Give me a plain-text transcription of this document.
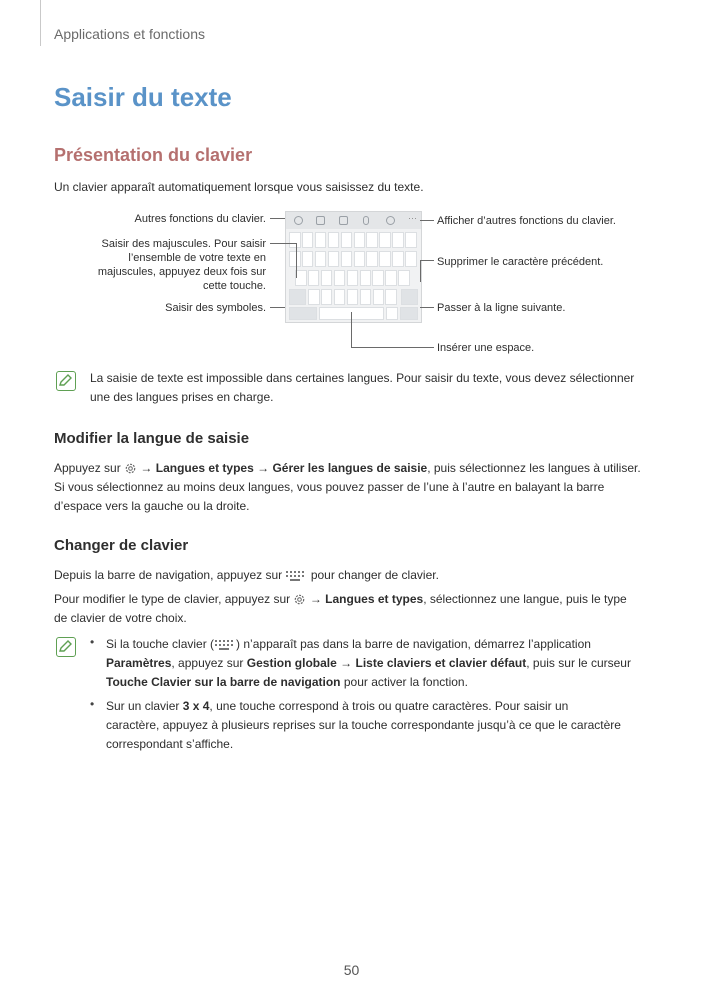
Applications et fonctions
Saisir du texte
Présentation du clavier
Un clavier apparaît automatiquement lorsque vous saisissez du texte.
···
Autres fonctions du clavier.
Saisir des majuscules. Pour saisir
l’ensemble de votre texte en
majuscules, appuyez deux fois sur
cette touche.
Saisir des symboles.
Afficher d’autres fonctions du clavier.
Supprimer le caractère précédent.
Passer à la ligne suivante.
Insérer une espace.
La saisie de texte est impossible dans certaines langues. Pour saisir du texte, vous devez sélectionner
une des langues prises en charge.
Modifier la langue de saisie
Appuyez sur → Langues et types → Gérer les langues de saisie, puis sélectionnez les langues à utiliser.
Si vous sélectionnez au moins deux langues, vous pouvez passer de l’une à l’autre en balayant la barre
d’espace vers la gauche ou la droite.
Changer de clavier
Depuis la barre de navigation, appuyez sur pour changer de clavier.
Pour modifier le type de clavier, appuyez sur → Langues et types, sélectionnez une langue, puis le type
de clavier de votre choix.
• Si la touche clavier ( ) n’apparaît pas dans la barre de navigation, démarrez l’application
Paramètres, appuyez sur Gestion globale → Liste claviers et clavier défaut, puis sur le curseur
Touche Clavier sur la barre de navigation pour activer la fonction.
• Sur un clavier 3 x 4, une touche correspond à trois ou quatre caractères. Pour saisir un
caractère, appuyez à plusieurs reprises sur la touche correspondante jusqu’à ce que le caractère
correspondant s’affiche.
50
